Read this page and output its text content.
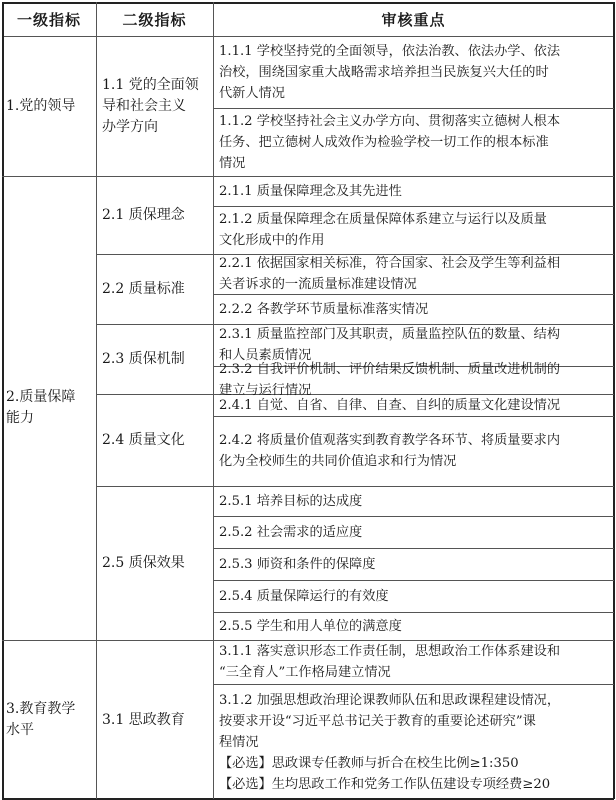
一级指标	二级指标	审核重点
1.党的领导
2.质量保障
能力
3.教育教学
水平
1.1 党的全面领
导和社会主义
办学方向
2.1 质保理念
2.2 质量标准
2.3 质保机制
2.4 质量文化
2.5 质保效果
3.1 思政教育
1.1.1 学校坚持党的全面领导，依法治教、依法办学、依法
治校，围绕国家重大战略需求培养担当民族复兴大任的时
代新人情况
1.1.2 学校坚持社会主义办学方向、贯彻落实立德树人根本
任务、把立德树人成效作为检验学校一切工作的根本标准
情况
2.1.1 质量保障理念及其先进性
2.1.2 质量保障理念在质量保障体系建立与运行以及质量
文化形成中的作用
2.2.1 依据国家相关标准，符合国家、社会及学生等利益相
关者诉求的一流质量标准建设情况
2.2.2 各教学环节质量标准落实情况
2.3.1 质量监控部门及其职责，质量监控队伍的数量、结构
和人员素质情况
2.3.2 自我评价机制、评价结果反馈机制、质量改进机制的
建立与运行情况
2.4.1 自觉、自省、自律、自查、自纠的质量文化建设情况
2.4.2 将质量价值观落实到教育教学各环节、将质量要求内
化为全校师生的共同价值追求和行为情况
2.5.1 培养目标的达成度
2.5.2 社会需求的适应度
2.5.3 师资和条件的保障度
2.5.4 质量保障运行的有效度
2.5.5 学生和用人单位的满意度
3.1.1 落实意识形态工作责任制，思想政治工作体系建设和
“三全育人”工作格局建立情况
3.1.2 加强思想政治理论课教师队伍和思政课程建设情况，
按要求开设“习近平总书记关于教育的重要论述研究”课
程情况
【必选】思政课专任教师与折合在校生比例≥1:350
【必选】生均思政工作和党务工作队伍建设专项经费≥20
